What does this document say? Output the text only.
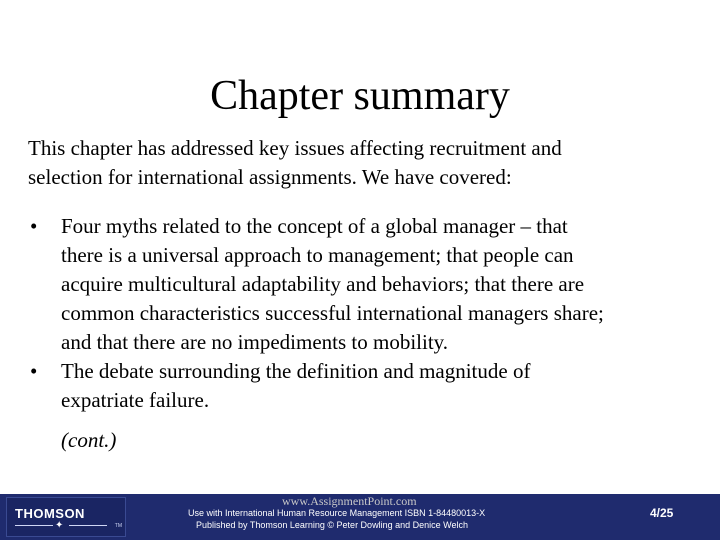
Chapter summary
This chapter has addressed key issues affecting recruitment and
selection for international assignments. We have covered:
• Four myths related to the concept of a global manager – that
there is a universal approach to management; that people can
acquire multicultural adaptability and behaviors; that there are
common characteristics successful international managers share;
and that there are no impediments to mobility.
• The debate surrounding the definition and magnitude of
expatriate failure.
(cont.)
THOMSON
✦	TM
Use with International Human Resource Management ISBN 1-84480013-X
Published by Thomson Learning © Peter Dowling and Denice Welch
4/25
www.AssignmentPoint.com
